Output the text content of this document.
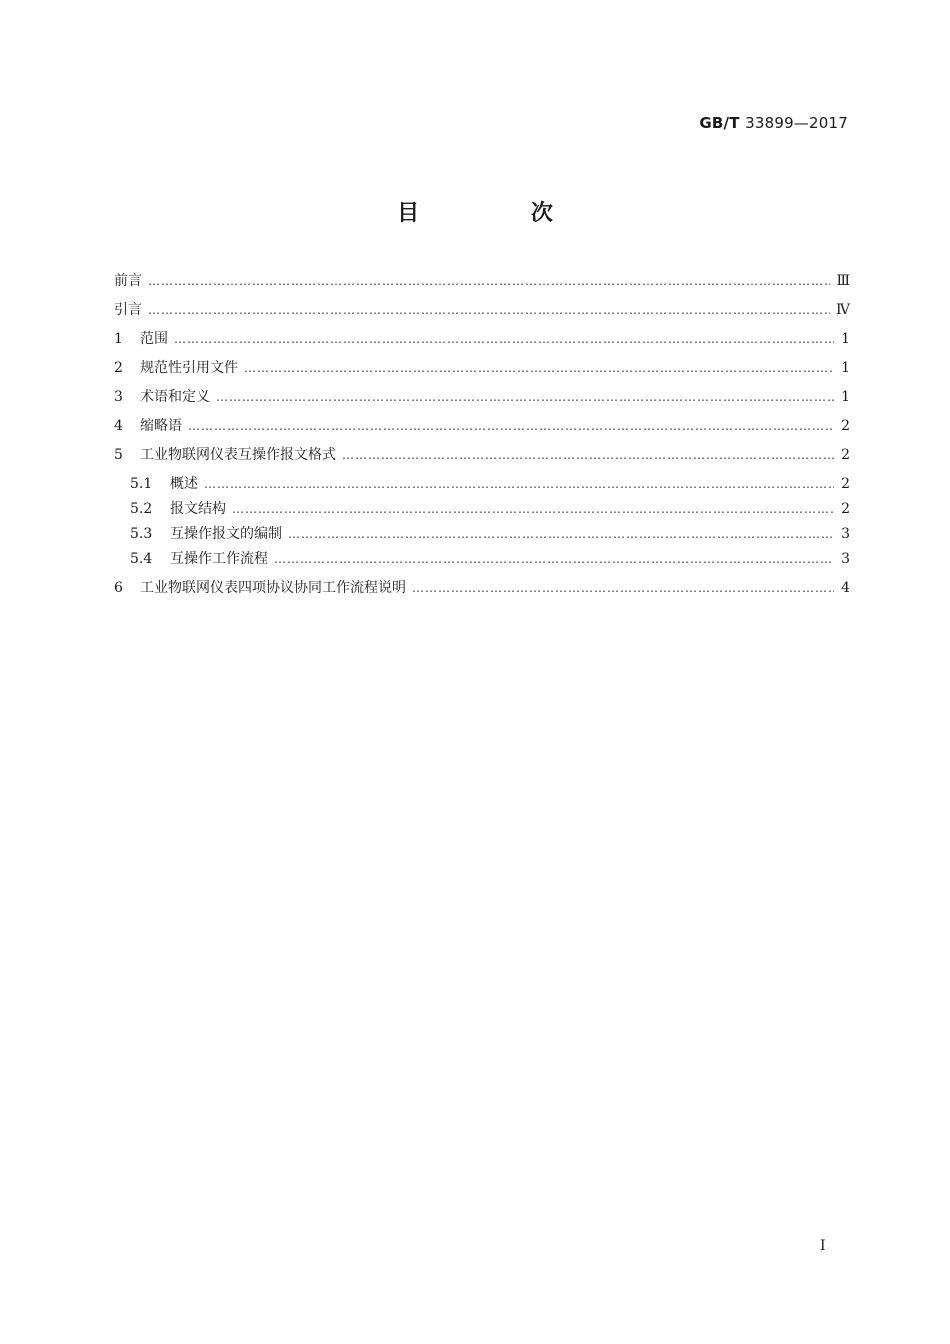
GB/T 33899—2017
目 次
前言 ………………………………………………………………………………………………………………………………………………………………………………………………………………………………………	Ⅲ
引言 ………………………………………………………………………………………………………………………………………………………………………………………………………………………………………	Ⅳ
1	范围 ………………………………………………………………………………………………………………………………………………………………………………………………………………………………………	1
2	规范性引用文件 ………………………………………………………………………………………………………………………………………………………………………………………………………………………………………	1
3	术语和定义 ………………………………………………………………………………………………………………………………………………………………………………………………………………………………………	1
4	缩略语 ………………………………………………………………………………………………………………………………………………………………………………………………………………………………………	2
5	工业物联网仪表互操作报文格式 ………………………………………………………………………………………………………………………………………………………………………………………………………………………………………	2
5.1	概述 ………………………………………………………………………………………………………………………………………………………………………………………………………………………………………	2
5.2	报文结构 ………………………………………………………………………………………………………………………………………………………………………………………………………………………………………	2
5.3	互操作报文的编制 ………………………………………………………………………………………………………………………………………………………………………………………………………………………………………	3
5.4	互操作工作流程 ………………………………………………………………………………………………………………………………………………………………………………………………………………………………………	3
6	工业物联网仪表四项协议协同工作流程说明 ………………………………………………………………………………………………………………………………………………………………………………………………………………………………………	4
I
